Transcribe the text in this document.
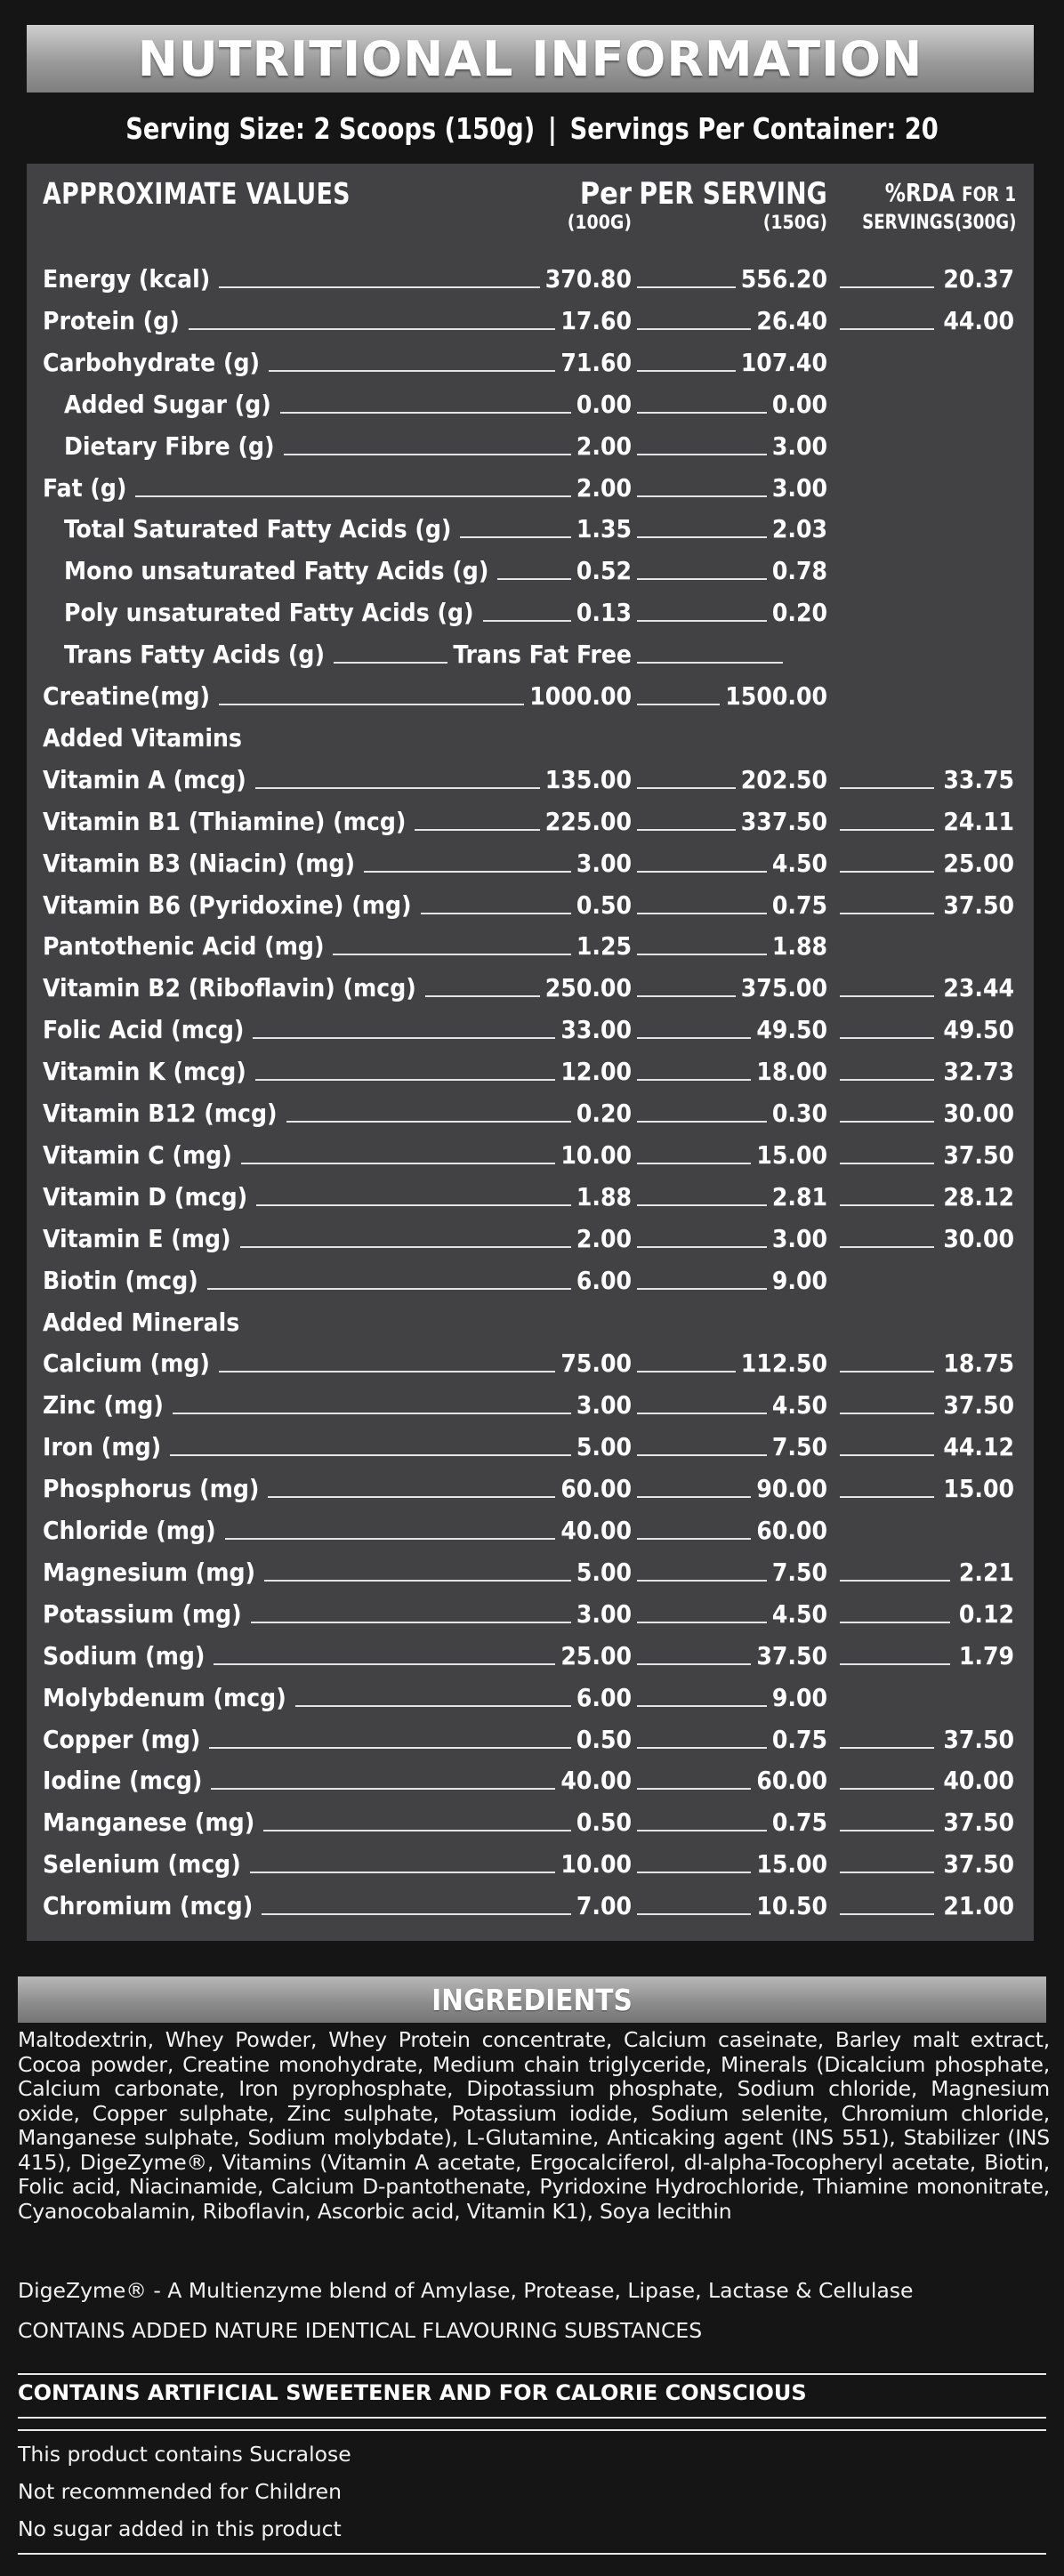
NUTRITIONAL INFORMATION
Serving Size: 2 Scoops (150g) | Servings Per Container: 20
APPROXIMATE VALUES	Per
(100G)
PER SERVING
(150G)
%RDA FOR 1
SERVINGS(300G)
Energy (kcal)	370.80	556.20	20.37
Protein (g)	17.60	26.40	44.00
Carbohydrate (g)	71.60	107.40
Added Sugar (g)	0.00	0.00
Dietary Fibre (g)	2.00	3.00
Fat (g)	2.00	3.00
Total Saturated Fatty Acids (g)	1.35	2.03
Mono unsaturated Fatty Acids (g)	0.52	0.78
Poly unsaturated Fatty Acids (g)	0.13	0.20
Trans Fatty Acids (g)	Trans Fat Free
Creatine(mg)	1000.00	1500.00
Added Vitamins
Vitamin A (mcg)	135.00	202.50	33.75
Vitamin B1 (Thiamine) (mcg)	225.00	337.50	24.11
Vitamin B3 (Niacin) (mg)	3.00	4.50	25.00
Vitamin B6 (Pyridoxine) (mg)	0.50	0.75	37.50
Pantothenic Acid (mg)	1.25	1.88
Vitamin B2 (Riboflavin) (mcg)	250.00	375.00	23.44
Folic Acid (mcg)	33.00	49.50	49.50
Vitamin K (mcg)	12.00	18.00	32.73
Vitamin B12 (mcg)	0.20	0.30	30.00
Vitamin C (mg)	10.00	15.00	37.50
Vitamin D (mcg)	1.88	2.81	28.12
Vitamin E (mg)	2.00	3.00	30.00
Biotin (mcg)	6.00	9.00
Added Minerals
Calcium (mg)	75.00	112.50	18.75
Zinc (mg)	3.00	4.50	37.50
Iron (mg)	5.00	7.50	44.12
Phosphorus (mg)	60.00	90.00	15.00
Chloride (mg)	40.00	60.00
Magnesium (mg)	5.00	7.50	2.21
Potassium (mg)	3.00	4.50	0.12
Sodium (mg)	25.00	37.50	1.79
Molybdenum (mcg)	6.00	9.00
Copper (mg)	0.50	0.75	37.50
Iodine (mcg)	40.00	60.00	40.00
Manganese (mg)	0.50	0.75	37.50
Selenium (mcg)	10.00	15.00	37.50
Chromium (mcg)	7.00	10.50	21.00
INGREDIENTS
Maltodextrin, Whey Powder, Whey Protein concentrate, Calcium caseinate, Barley malt extract, Cocoa powder, Creatine monohydrate, Medium chain triglyceride, Minerals (Dicalcium phosphate, Calcium carbonate, Iron pyrophosphate, Dipotassium phosphate, Sodium chloride, Magnesium oxide, Copper sulphate, Zinc sulphate, Potassium iodide, Sodium selenite, Chromium chloride, Manganese sulphate, Sodium molybdate), L-Glutamine, Anticaking agent (INS 551), Stabilizer (INS 415), DigeZyme®, Vitamins (Vitamin A acetate, Ergocalciferol, dl-alpha-Tocopheryl acetate, Biotin, Folic acid, Niacinamide, Calcium D-pantothenate, Pyridoxine Hydrochloride, Thiamine mononitrate, Cyanocobalamin, Riboflavin, Ascorbic acid, Vitamin K1), Soya lecithin
DigeZyme® - A Multienzyme blend of Amylase, Protease, Lipase, Lactase & Cellulase
CONTAINS ADDED NATURE IDENTICAL FLAVOURING SUBSTANCES
CONTAINS ARTIFICIAL SWEETENER AND FOR CALORIE CONSCIOUS
This product contains Sucralose
Not recommended for Children
No sugar added in this product
